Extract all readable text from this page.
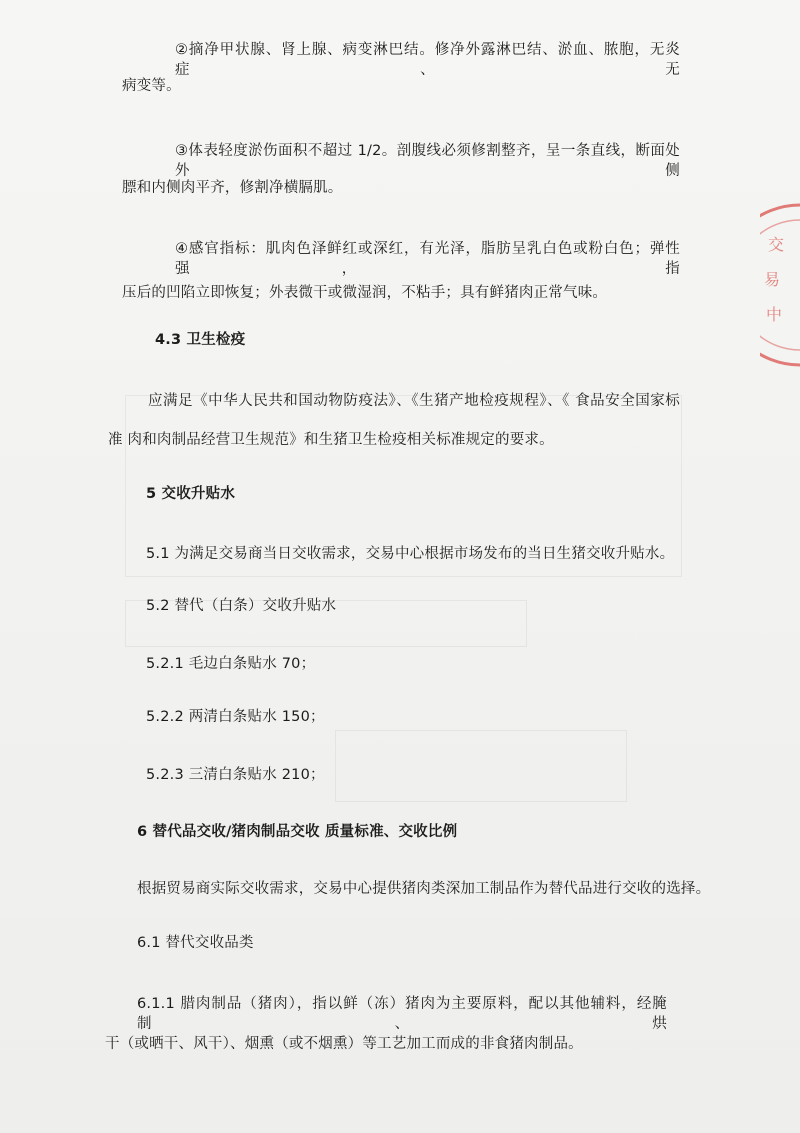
②摘净甲状腺、肾上腺、病变淋巴结。修净外露淋巴结、淤血、脓胞，无炎症、无
病变等。
③体表轻度淤伤面积不超过 1/2。剖腹线必须修割整齐，呈一条直线，断面处外侧
膘和内侧肉平齐，修割净横膈肌。
④感官指标：肌肉色泽鲜红或深红，有光泽，脂肪呈乳白色或粉白色；弹性强， 指
压后的凹陷立即恢复；外表微干或微湿润，不粘手；具有鲜猪肉正常气味。
4.3 卫生检疫
应满足《中华人民共和国动物防疫法》、《生猪产地检疫规程》、《 食品安全国家标
准 肉和肉制品经营卫生规范》和生猪卫生检疫相关标准规定的要求。
5 交收升贴水
5.1 为满足交易商当日交收需求，交易中心根据市场发布的当日生猪交收升贴水。
5.2 替代（白条）交收升贴水
5.2.1 毛边白条贴水 70；
5.2.2 两清白条贴水 150；
5.2.3 三清白条贴水 210；
6 替代品交收/猪肉制品交收 质量标准、交收比例
根据贸易商实际交收需求，交易中心提供猪肉类深加工制品作为替代品进行交收的选择。
6.1 替代交收品类
6.1.1 腊肉制品（猪肉），指以鲜（冻）猪肉为主要原料，配以其他辅料，经腌制、烘
干（或晒干、风干）、烟熏（或不烟熏）等工艺加工而成的非食猪肉制品。
交
易
中
